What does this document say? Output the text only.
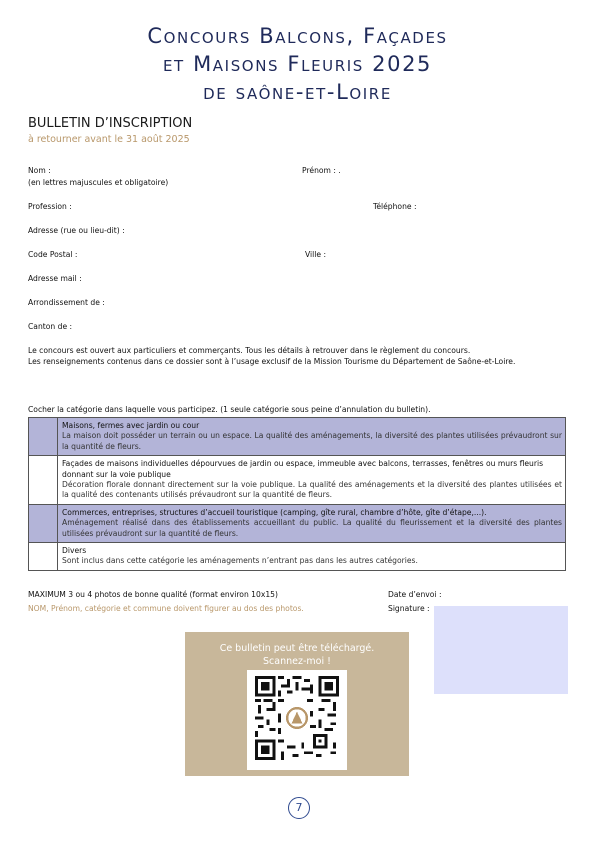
Concours Balcons, Façades
et Maisons Fleuris 2025
de saône-et-Loire
BULLETIN D’INSCRIPTION
à retourner avant le 31 août 2025
Nom :
(en lettres majuscules et obligatoire)
Prénom : .
Profession :	Téléphone :
Adresse (rue ou lieu-dit) :
Code Postal :	Ville :
Adresse mail :
Arrondissement de :
Canton de :
Le concours est ouvert aux particuliers et commerçants. Tous les détails à retrouver dans le règlement du concours.
Les renseignements contenus dans ce dossier sont à l’usage exclusif de la Mission Tourisme du Département de Saône-et-Loire.
Cocher la catégorie dans laquelle vous participez. (1 seule catégorie sous peine d’annulation du bulletin).
Maisons, fermes avec jardin ou cour
La maison doit posséder un terrain ou un espace. La qualité des aménagements, la diversité des plantes utilisées prévaudront sur la quantité de fleurs.
Façades de maisons individuelles dépourvues de jardin ou espace, immeuble avec balcons, terrasses, fenêtres ou murs fleuris donnant sur la voie publique
Décoration florale donnant directement sur la voie publique. La qualité des aménagements et la diversité des plantes utilisées et la qualité des contenants utilisés prévaudront sur la quantité de fleurs.
Commerces, entreprises, structures d’accueil touristique (camping, gîte rural, chambre d’hôte, gîte d’étape,...).
Aménagement réalisé dans des établissements accueillant du public. La qualité du fleurissement et la diversité des plantes utilisées prévaudront sur la quantité de fleurs.
Divers
Sont inclus dans cette catégorie les aménagements n’entrant pas dans les autres catégories.
MAXIMUM 3 ou 4 photos de bonne qualité (format environ 10x15)
NOM, Prénom, catégorie et commune doivent figurer au dos des photos.
Date d’envoi :
Signature :
Ce bulletin peut être téléchargé.
Scannez-moi !
7
